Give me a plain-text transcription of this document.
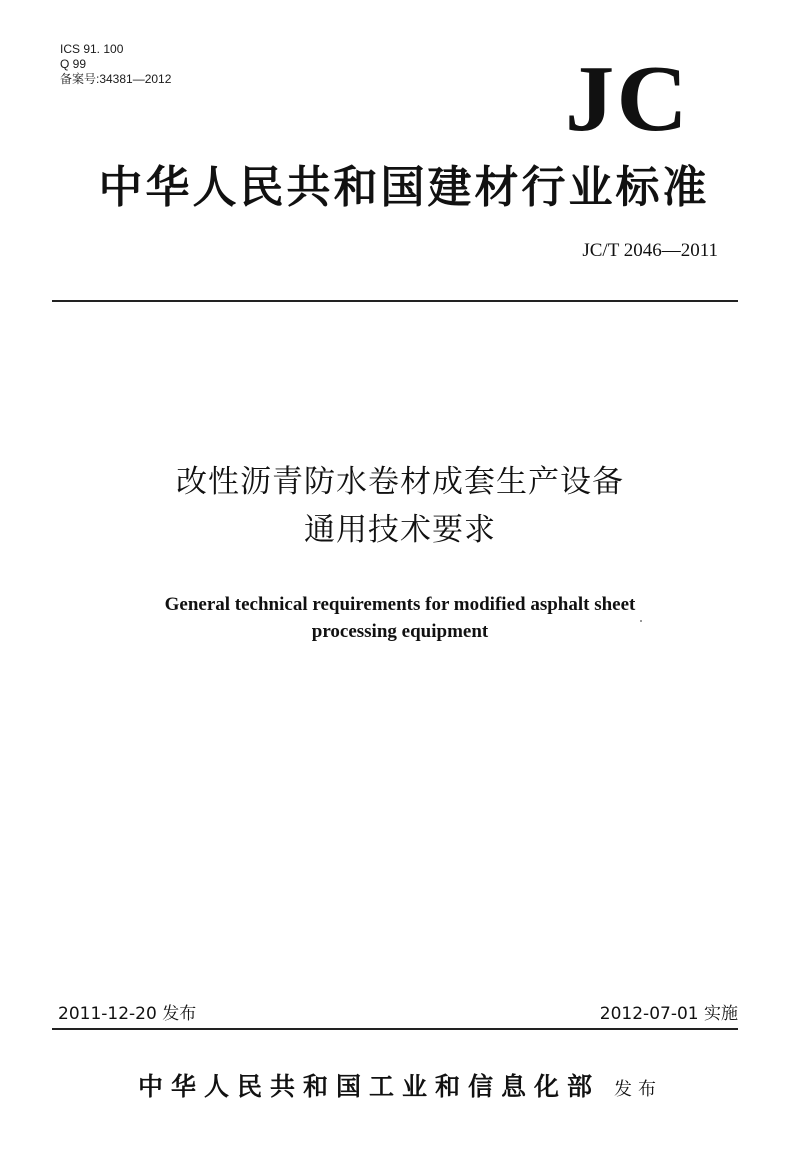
ICS 91. 100
Q 99
备案号:34381—2012	JC
中华人民共和国建材行业标准
JC/T 2046—2011
改性沥青防水卷材成套生产设备
通用技术要求
General technical requirements for modified asphalt sheet
processing equipment
2011-12-20 发布	2012-07-01 实施
中华人民共和国工业和信息化部 发布
